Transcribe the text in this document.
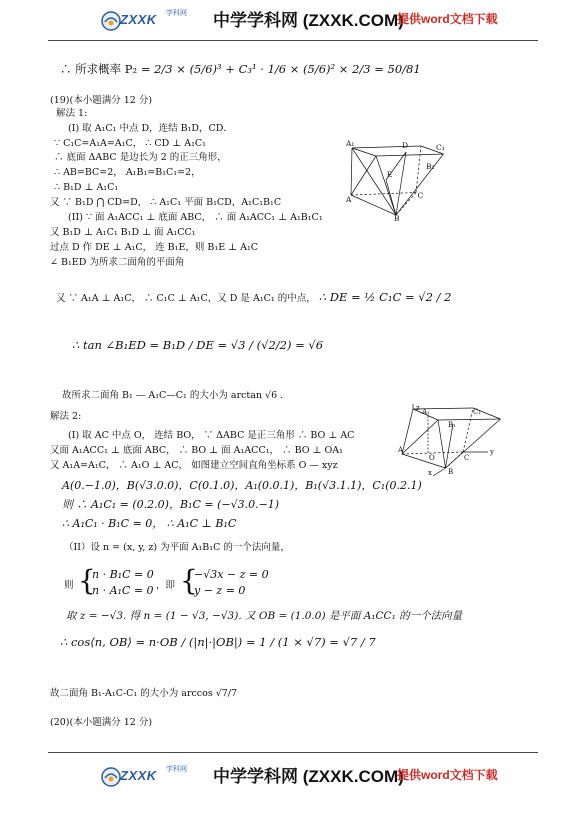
ZXXK 学科网 中学学科网 (ZXXK.COM)
提供word文档下载
∴ 所求概率 P₂ = 2/3 × (5/6)³ + C₃¹ · 1/6 × (5/6)² × 2/3 = 50/81
(19)(本小题满分 12 分)
解法 1:
(I) 取 A₁C₁ 中点 D，连结 B₁D，CD．
∵ C₁C=A₁A=A₁C， ∴ CD ⊥ A₁C₁
∴ 底面 ΔABC 是边长为 2 的正三角形，
∴ AB=BC=2， A₁B₁=B₁C₁=2，
∴ B₁D ⊥ A₁C₁
又 ∵ B₁D ⋂ CD=D， ∴ A₁C₁ 平面 B₁CD，A₁C₁B₁C
(II) ∵ 面 A₁ACC₁ ⊥ 底面 ABC， ∴ 面 A₁ACC₁ ⊥ A₁B₁C₁
又 B₁D ⊥ A₁C₁ B₁D ⊥ 面 A₁CC₁
过点 D 作 DE ⊥ A₁C， 连 B₁E，则 B₁E ⊥ A₁C
∠ B₁ED 为所求二面角的平面角
A₁	D C₁
E
A	C
B
B₁
又 ∵ A₁A ⊥ A₁C， ∴ C₁C ⊥ A₁C，又 D 是 A₁C₁ 的中点， ∴ DE = ½ C₁C = √2 / 2
∴ tan ∠B₁ED = B₁D / DE = √3 / (√2/2) = √6
故所求二面角 B₁ — A₁C—C₁ 的大小为 arctan √6 .
解法 2:
(I) 取 AC 中点 O， 连结 BO， ∵ ΔABC 是正三角形 ∴ BO ⊥ AC
又面 A₁ACC₁ ⊥ 底面 ABC， ∴ BO ⊥ 面 A₁ACC₁， ∴ BO ⊥ OA₁
又 A₁A=A₁C， ∴ A₁O ⊥ AC， 如图建立空间直角坐标系 O — xyz
z A₁	C₁
B₁
A
O C
y
B
x
A(0.−1.0)，B(√3.0.0)，C(0.1.0)，A₁(0.0.1)，B₁(√3.1.1)，C₁(0.2.1)
则 ∴ A₁C₁ = (0.2.0)，B₁C = (−√3.0.−1)
∴ A₁C₁ · B₁C = 0， ∴ A₁C ⊥ B₁C
（II）设 n = (x, y, z) 为平面 A₁B₁C 的一个法向量，
则 {
n · B₁C = 0
n · A₁C = 0 ，即 {
−√3x − z = 0
y − z = 0
取 z = −√3. 得 n = (1 − √3, −√3). 又 OB = (1.0.0) 是平面 A₁CC₁ 的一个法向量
∴ cos⟨n, OB⟩ = n·OB / (|n|·|OB|) = 1 / (1 × √7) = √7 / 7
故二面角 B₁-A₁C-C₁ 的大小为 arccos √7/7
(20)(本小题满分 12 分)
ZXXK 学科网 中学学科网 (ZXXK.COM)
提供word文档下载
